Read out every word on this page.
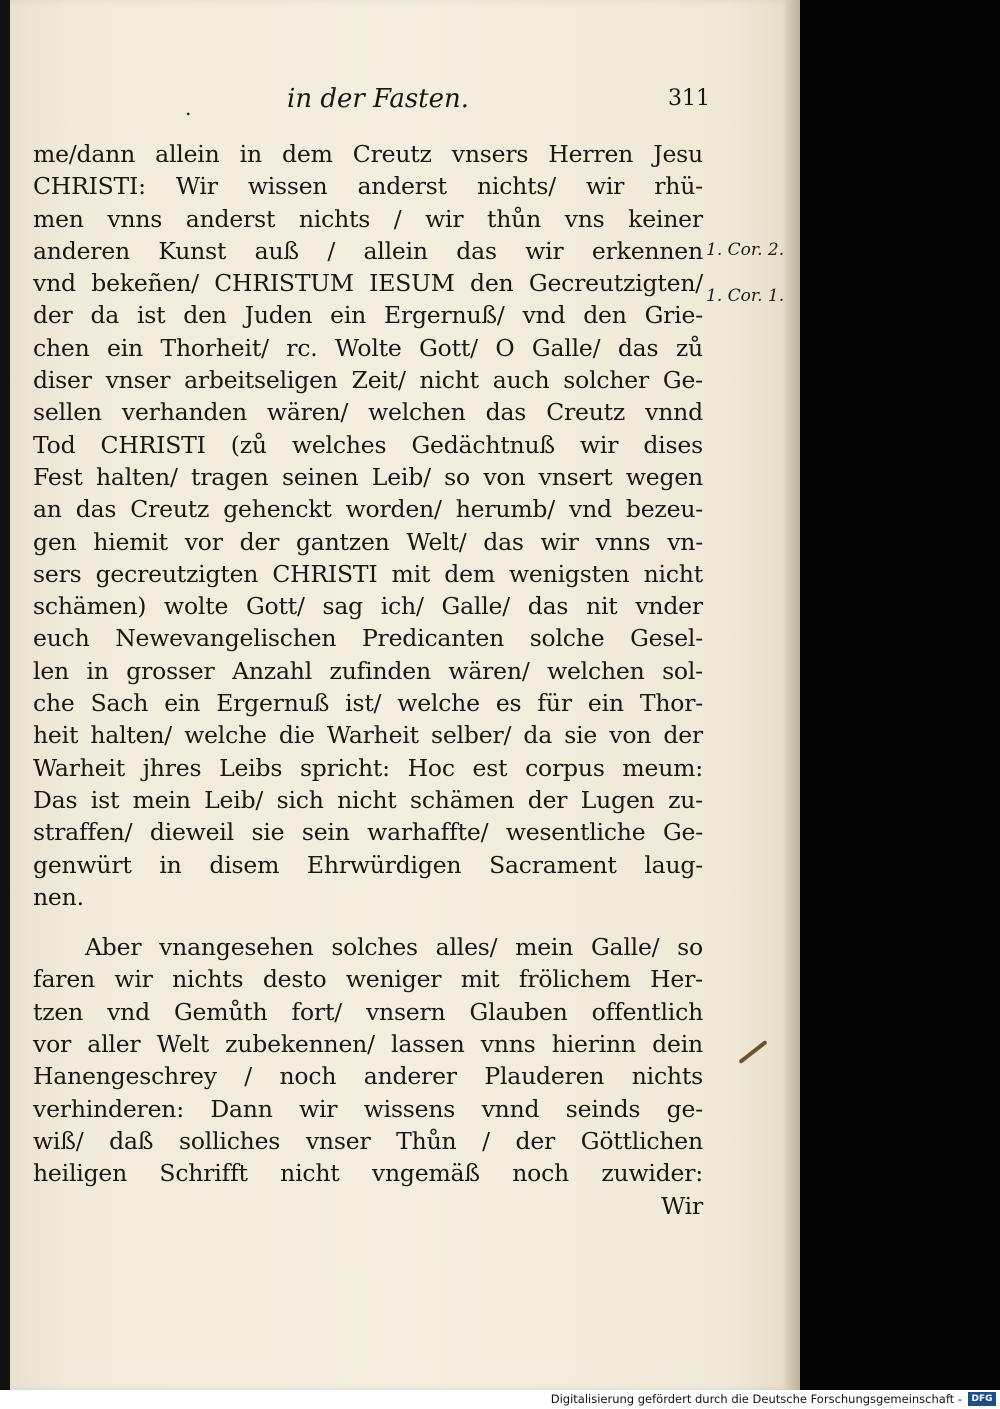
.	in der Fasten.	311
me/dann allein in dem Creutz vnsers Herren Jesu
CHRISTI: Wir wissen anderst nichts/ wir rhü-
men vnns anderst nichts / wir thůn vns keiner
anderen Kunst auß / allein das wir erkennen
vnd bekeñen/ CHRISTUM IESUM den Gecreutzigten/
der da ist den Juden ein Ergernuß/ vnd den Grie-
chen ein Thorheit/ rc. Wolte Gott/ O Galle/ das zů
diser vnser arbeitseligen Zeit/ nicht auch solcher Ge-
sellen verhanden wären/ welchen das Creutz vnnd
Tod CHRISTI (zů welches Gedächtnuß wir dises
Fest halten/ tragen seinen Leib/ so von vnsert wegen
an das Creutz gehenckt worden/ herumb/ vnd bezeu-
gen hiemit vor der gantzen Welt/ das wir vnns vn-
sers gecreutzigten CHRISTI mit dem wenigsten nicht
schämen) wolte Gott/ sag ich/ Galle/ das nit vnder
euch Newevangelischen Predicanten solche Gesel-
len in grosser Anzahl zufinden wären/ welchen sol-
che Sach ein Ergernuß ist/ welche es für ein Thor-
heit halten/ welche die Warheit selber/ da sie von der
Warheit jhres Leibs spricht: Hoc est corpus meum:
Das ist mein Leib/ sich nicht schämen der Lugen zu-
straffen/ dieweil sie sein warhaffte/ wesentliche Ge-
genwürt in disem Ehrwürdigen Sacrament laug-
nen.
Aber vnangesehen solches alles/ mein Galle/ so
faren wir nichts desto weniger mit frölichem Her-
tzen vnd Gemůth fort/ vnsern Glauben offentlich
vor aller Welt zubekennen/ lassen vnns hierinn dein
Hanengeschrey / noch anderer Plauderen nichts
verhinderen: Dann wir wissens vnnd seinds ge-
wiß/ daß solliches vnser Thůn / der Göttlichen
heiligen Schrifft nicht vngemäß noch zuwider:
Wir
1. Cor. 2.
1. Cor. 1.
Digitalisierung gefördert durch die Deutsche Forschungsgemeinschaft -	DFG
